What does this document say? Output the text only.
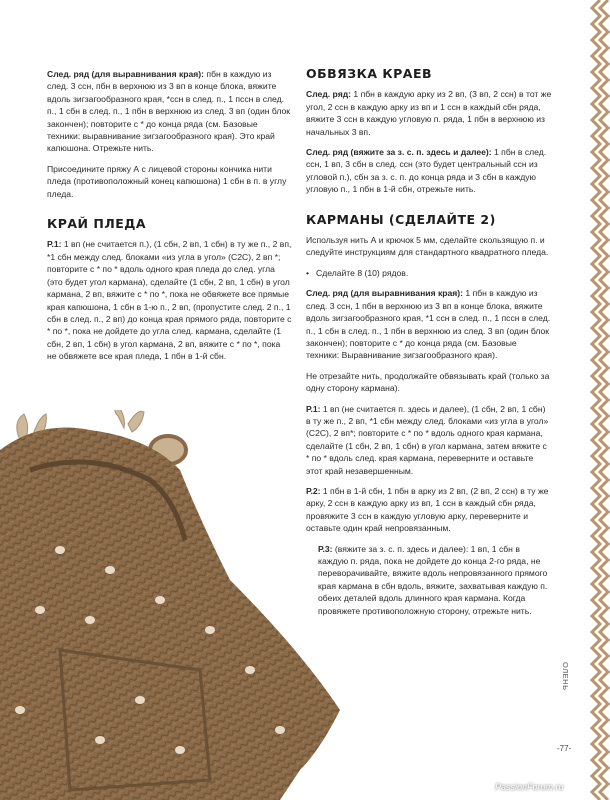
След. ряд (для выравнивания края): пбн в каждую из след. 3 ссн, пбн в верхнюю из 3 вп в конце блока, вяжите вдоль зигзагообразного края, *ссн в след. п., 1 пссн в след. п., 1 сбн в след. п., 1 пбн в верхнюю из след. 3 вп (один блок закончен); повторите с * до конца ряда (см. Базовые техники: выравнивание зигзагообразного края). Это край капюшона. Отрежьте нить.

Присоедините пряжу А с лицевой стороны кончика нити пледа (противоположный конец капюшона) 1 сбн в п. в углу пледа.

КРАЙ ПЛЕДА

Р.1: 1 вп (не считается п.), (1 сбн, 2 вп, 1 сбн) в ту же п., 2 вп, *1 сбн между след. блоками «из угла в угол» (С2С), 2 вп *; повторите с * по * вдоль одного края пледа до след. угла (это будет угол кармана), сделайте (1 сбн, 2 вп, 1 сбн) в угол кармана, 2 вп, вяжите с * по *, пока не обвяжете все прямые края капюшона, 1 сбн в 1-ю п., 2 вп, (пропустите след. 2 п., 1 сбн в след. п., 2 вп) до конца края прямого ряда, повторите с * по *, пока не дойдете до угла след. кармана, сделайте (1 сбн, 2 вп, 1 сбн) в угол кармана, 2 вп, вяжите с * по *, пока не обвяжете все края пледа, 1 пбн в 1-й сбн.

ОБВЯЗКА КРАЕВ

След. ряд: 1 пбн в каждую арку из 2 вп, (3 вп, 2 ссн) в тот же угол, 2 ссн в каждую арку из вп и 1 ссн в каждый сбн ряда, вяжите 3 ссн в каждую угловую п. ряда, 1 пбн в верхнюю из начальных 3 вп.

След. ряд (вяжите за з. с. п. здесь и далее): 1 пбн в след. ссн, 1 вп, 3 сбн в след. ссн (это будет центральный ссн из угловой п.), сбн за з. с. п. до конца ряда и 3 сбн в каждую угловую п., 1 пбн в 1-й сбн, отрежьте нить.

КАРМАНЫ (СДЕЛАЙТЕ 2)

Используя нить А и крючок 5 мм, сделайте скользящую п. и следуйте инструкциям для стандартного квадратного пледа.

• Сделайте 8 (10) рядов.

След. ряд (для выравнивания края): 1 пбн в каждую из след. 3 ссн, 1 пбн в верхнюю из 3 вп в конце блока, вяжите вдоль зигзагообразного края, *1 ссн в след. п., 1 пссн в след. п., 1 сбн в след. п., 1 пбн в верхнюю из след. 3 вп (один блок закончен); повторите с * до конца ряда (см. Базовые техники: Выравнивание зигзагообразного края).

Не отрезайте нить, продолжайте обвязывать край (только за одну сторону кармана).

Р.1: 1 вп (не считается п. здесь и далее), (1 сбн, 2 вп, 1 сбн) в ту же п., 2 вп, *1 сбн между след. блоками «из угла в угол» (С2С), 2 вп*; повторите с * по * вдоль одного края кармана, сделайте (1 сбн, 2 вп, 1 сбн) в угол кармана, затем вяжите с * по * вдоль след. края кармана, переверните и оставьте этот край незавершенным.

Р.2: 1 пбн в 1-й сбн, 1 пбн в арку из 2 вп, (2 вп, 2 ссн) в ту же арку, 2 ссн в каждую арку из вп, 1 ссн в каждый сбн ряда, провяжите 3 ссн в каждую угловую арку, переверните и оставьте один край непровязанным.

Р.3: (вяжите за з. с. п. здесь и далее): 1 вп, 1 сбн в каждую п. ряда, пока не дойдете до конца 2-го ряда, не переворачивайте, вяжите вдоль непровязанного прямого края кармана в сбн вдоль, вяжите, захватывая каждую п. обеих деталей вдоль длинного края кармана. Когда провяжете противоположную сторону, отрежьте нить.

ОЛЕНЬ
-77-
PassionForum.ru
